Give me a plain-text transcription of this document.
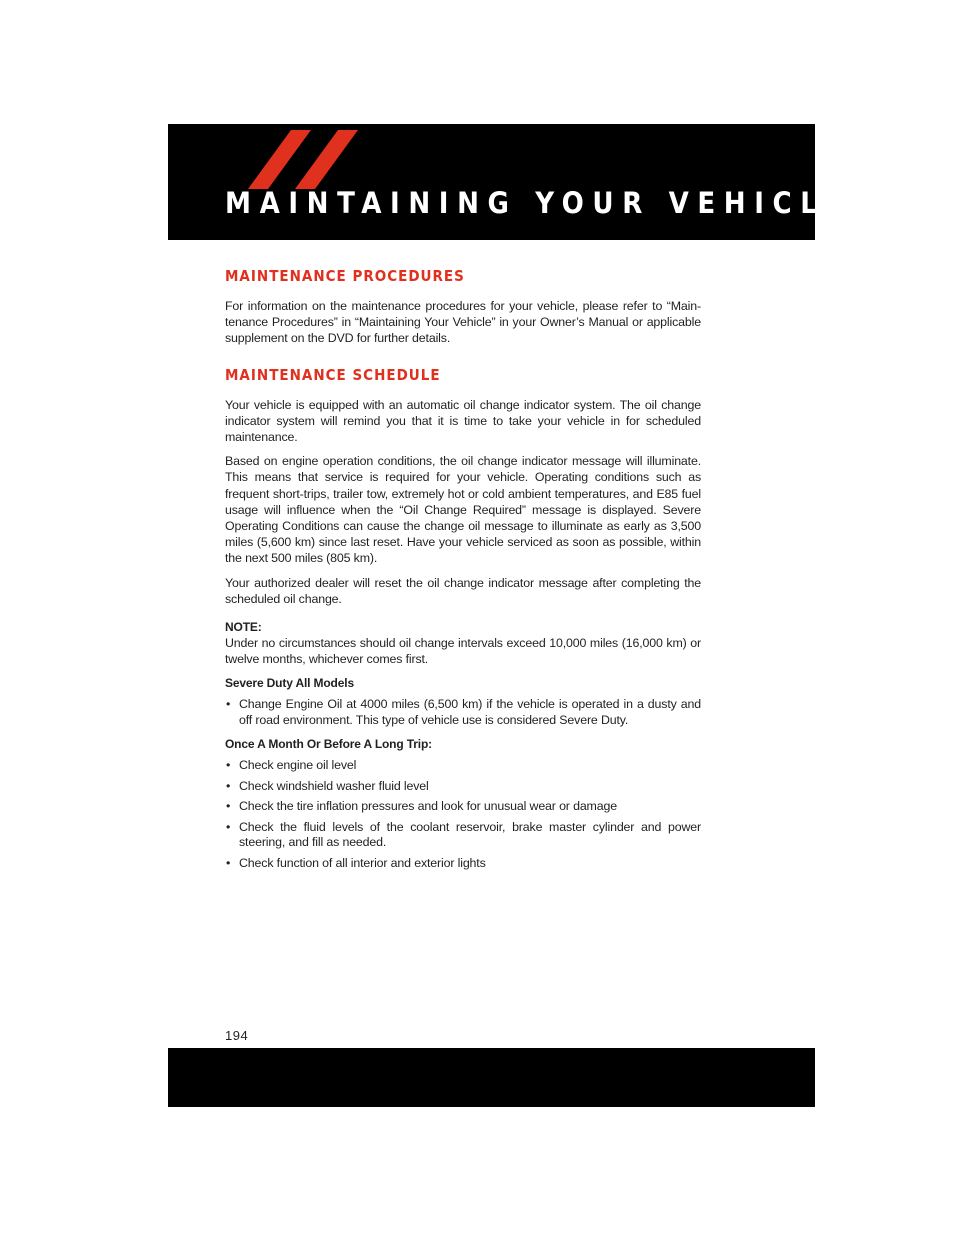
MAINTAINING YOUR VEHICLE
MAINTENANCE PROCEDURES

For information on the maintenance procedures for your vehicle, please refer to “Main-tenance Procedures” in “Maintaining Your Vehicle” in your Owner’s Manual or applicable supplement on the DVD for further details.

MAINTENANCE SCHEDULE

Your vehicle is equipped with an automatic oil change indicator system. The oil change indicator system will remind you that it is time to take your vehicle in for scheduled maintenance.

Based on engine operation conditions, the oil change indicator message will illuminate. This means that service is required for your vehicle. Operating conditions such as frequent short-trips, trailer tow, extremely hot or cold ambient temperatures, and E85 fuel usage will influence when the “Oil Change Required” message is displayed. Severe Operating Conditions can cause the change oil message to illuminate as early as 3,500 miles (5,600 km) since last reset. Have your vehicle serviced as soon as possible, within the next 500 miles (805 km).

Your authorized dealer will reset the oil change indicator message after completing the scheduled oil change.

NOTE:

Under no circumstances should oil change intervals exceed 10,000 miles (16,000 km) or twelve months, whichever comes first.

Severe Duty All Models

• Change Engine Oil at 4000 miles (6,500 km) if the vehicle is operated in a dusty and off road environment. This type of vehicle use is considered Severe Duty.

Once A Month Or Before A Long Trip:

• Check engine oil level
• Check windshield washer fluid level
• Check the tire inflation pressures and look for unusual wear or damage
• Check the fluid levels of the coolant reservoir, brake master cylinder and power steering, and fill as needed.
• Check function of all interior and exterior lights
194
